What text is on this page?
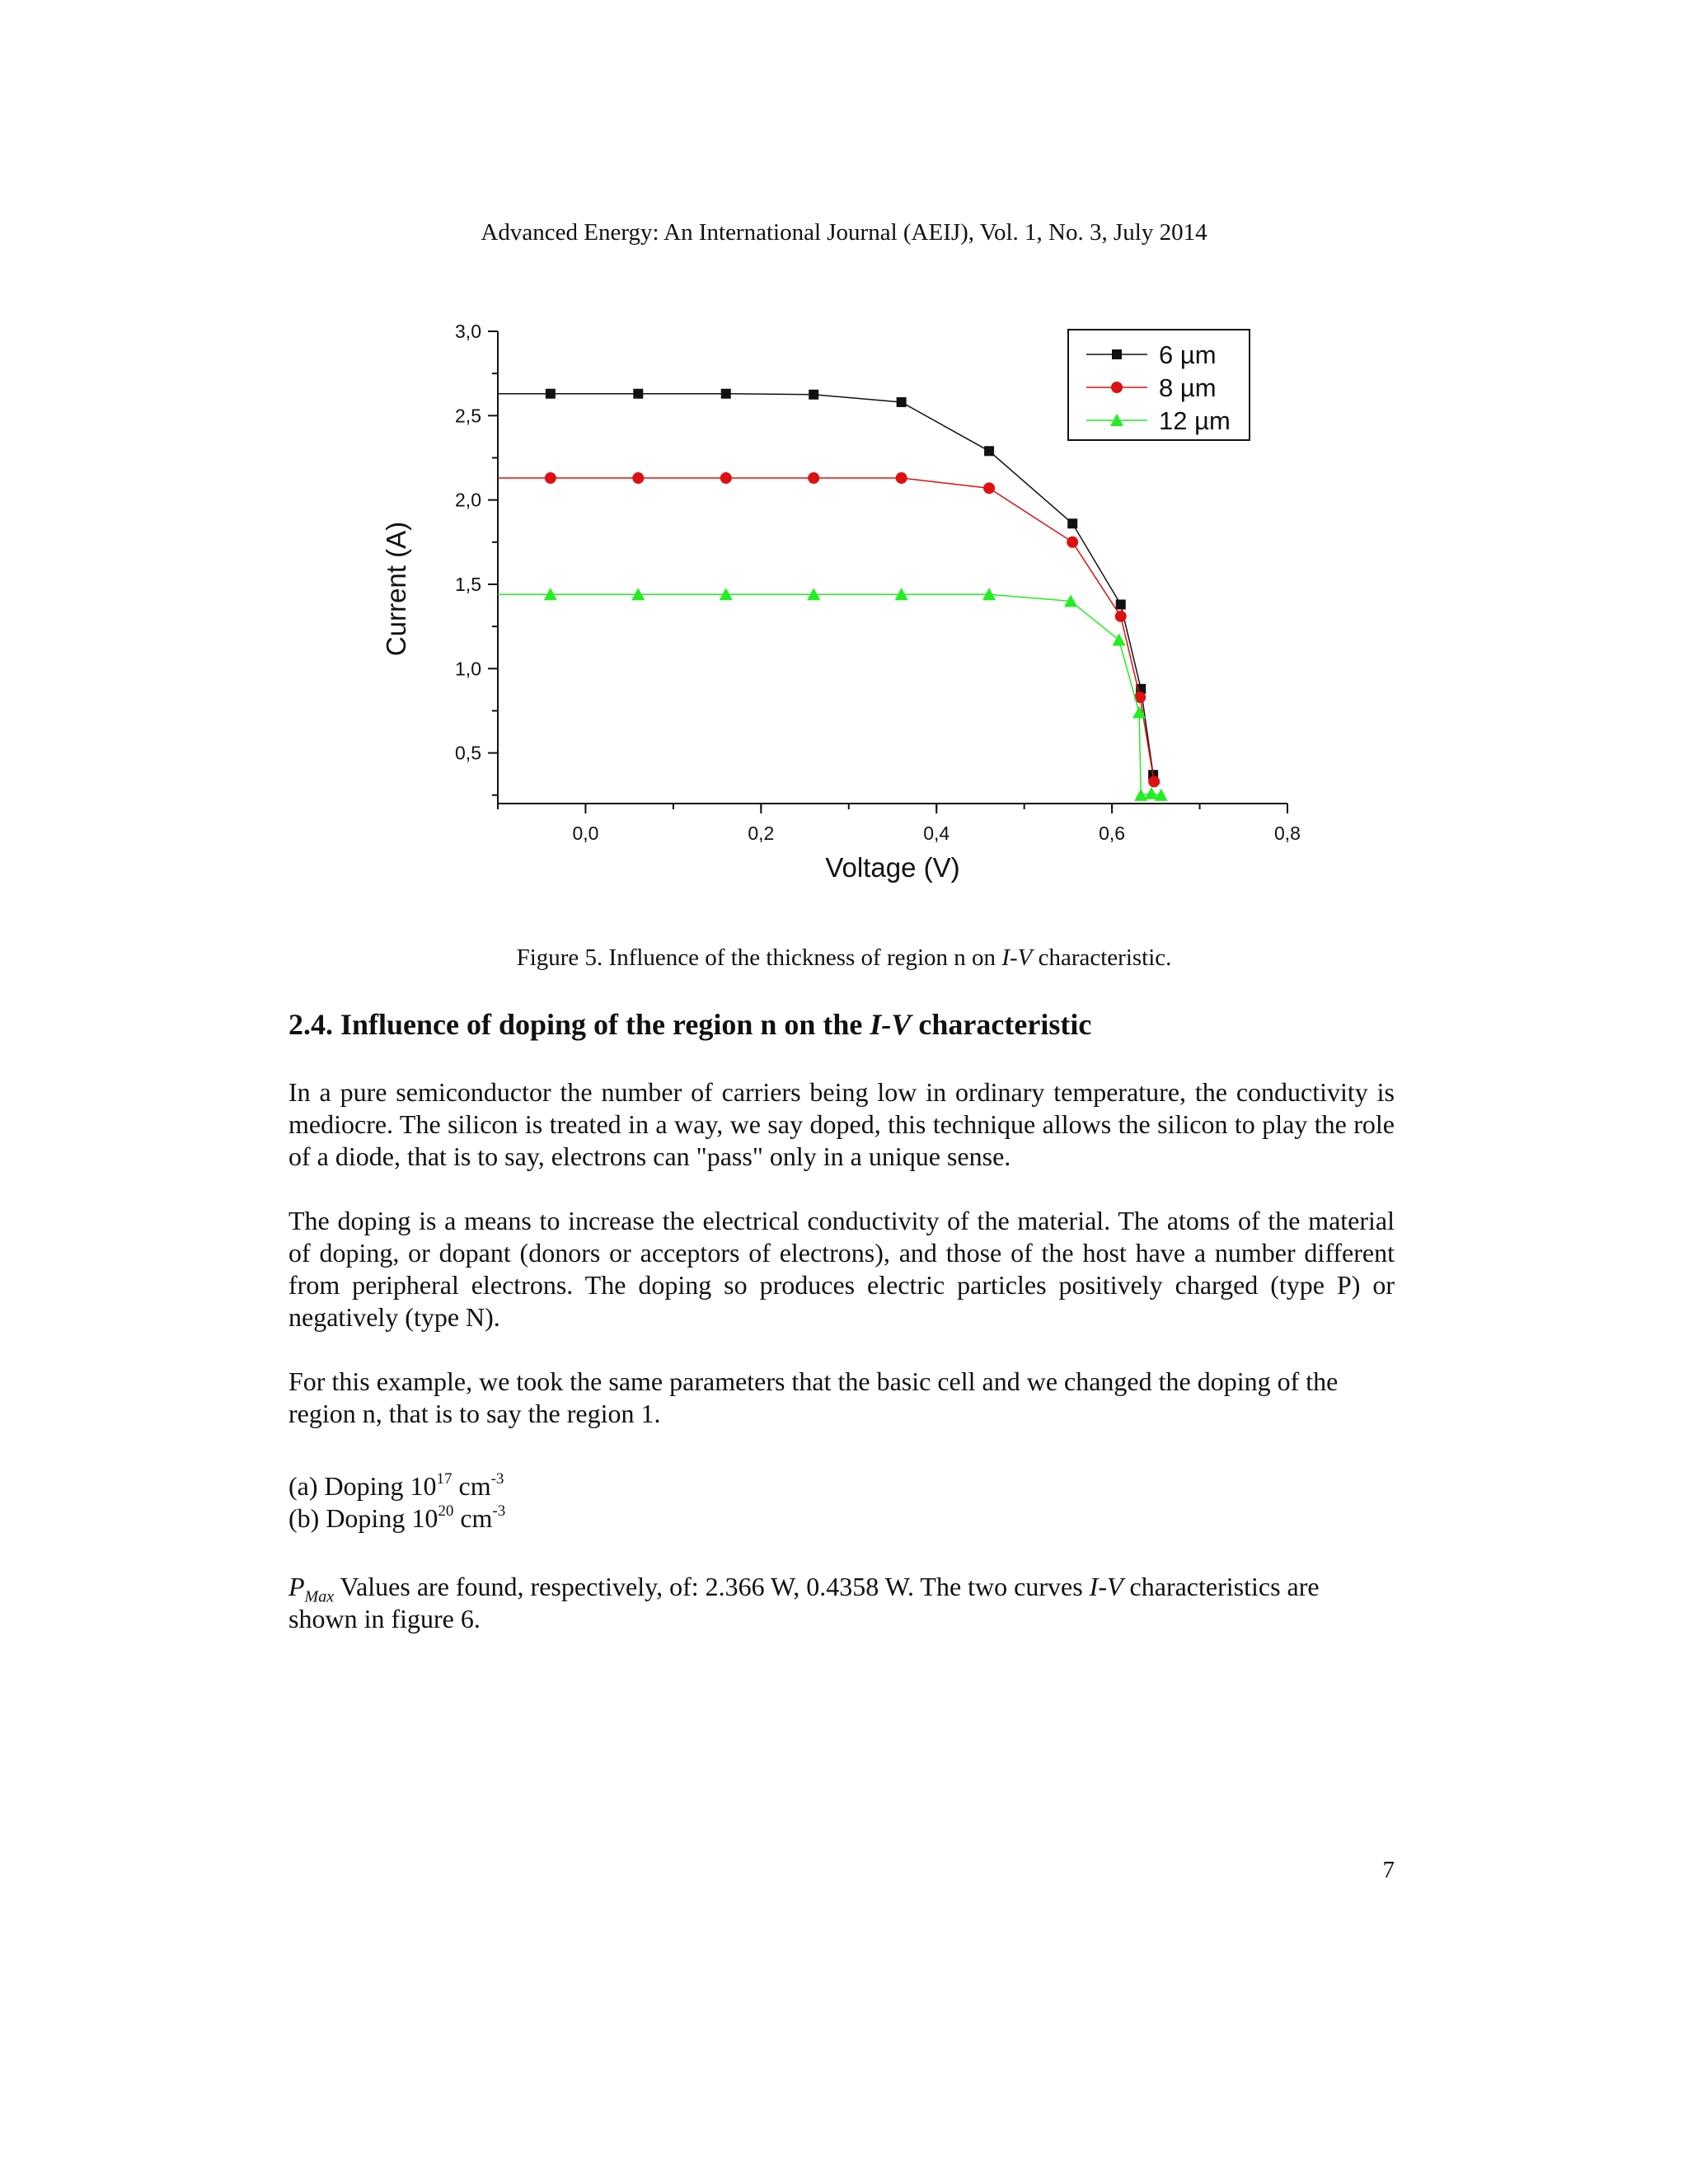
Advanced Energy: An International Journal (AEIJ), Vol. 1, No. 3, July 2014
0,0	0,2	0,4	0,6	0,8
0,5
1,0
1,5
2,0
2,5
3,0
Voltage (V)
Current (A)
6 µm
8 µm
12 µm
Figure 5. Influence of the thickness of region n on I-V characteristic.
2.4. Influence of doping of the region n on the I-V characteristic

In a pure semiconductor the number of carriers being low in ordinary temperature, the conductivity is mediocre. The silicon is treated in a way, we say doped, this technique allows the silicon to play the role of a diode, that is to say, electrons can "pass" only in a unique sense.

The doping is a means to increase the electrical conductivity of the material. The atoms of the material of doping, or dopant (donors or acceptors of electrons), and those of the host have a number different from peripheral electrons. The doping so produces electric particles positively charged (type P) or negatively (type N).

For this example, we took the same parameters that the basic cell and we changed the doping of the region n, that is to say the region 1.

(a) Doping $10^{17}$ $cm^{-3}$
(b) Doping $10^{20}$ $cm^{-3}$

$P_{Max}$ Values are found, respectively, of: 2.366 W, 0.4358 W. The two curves I-V characteristics are shown in figure 6.

7
